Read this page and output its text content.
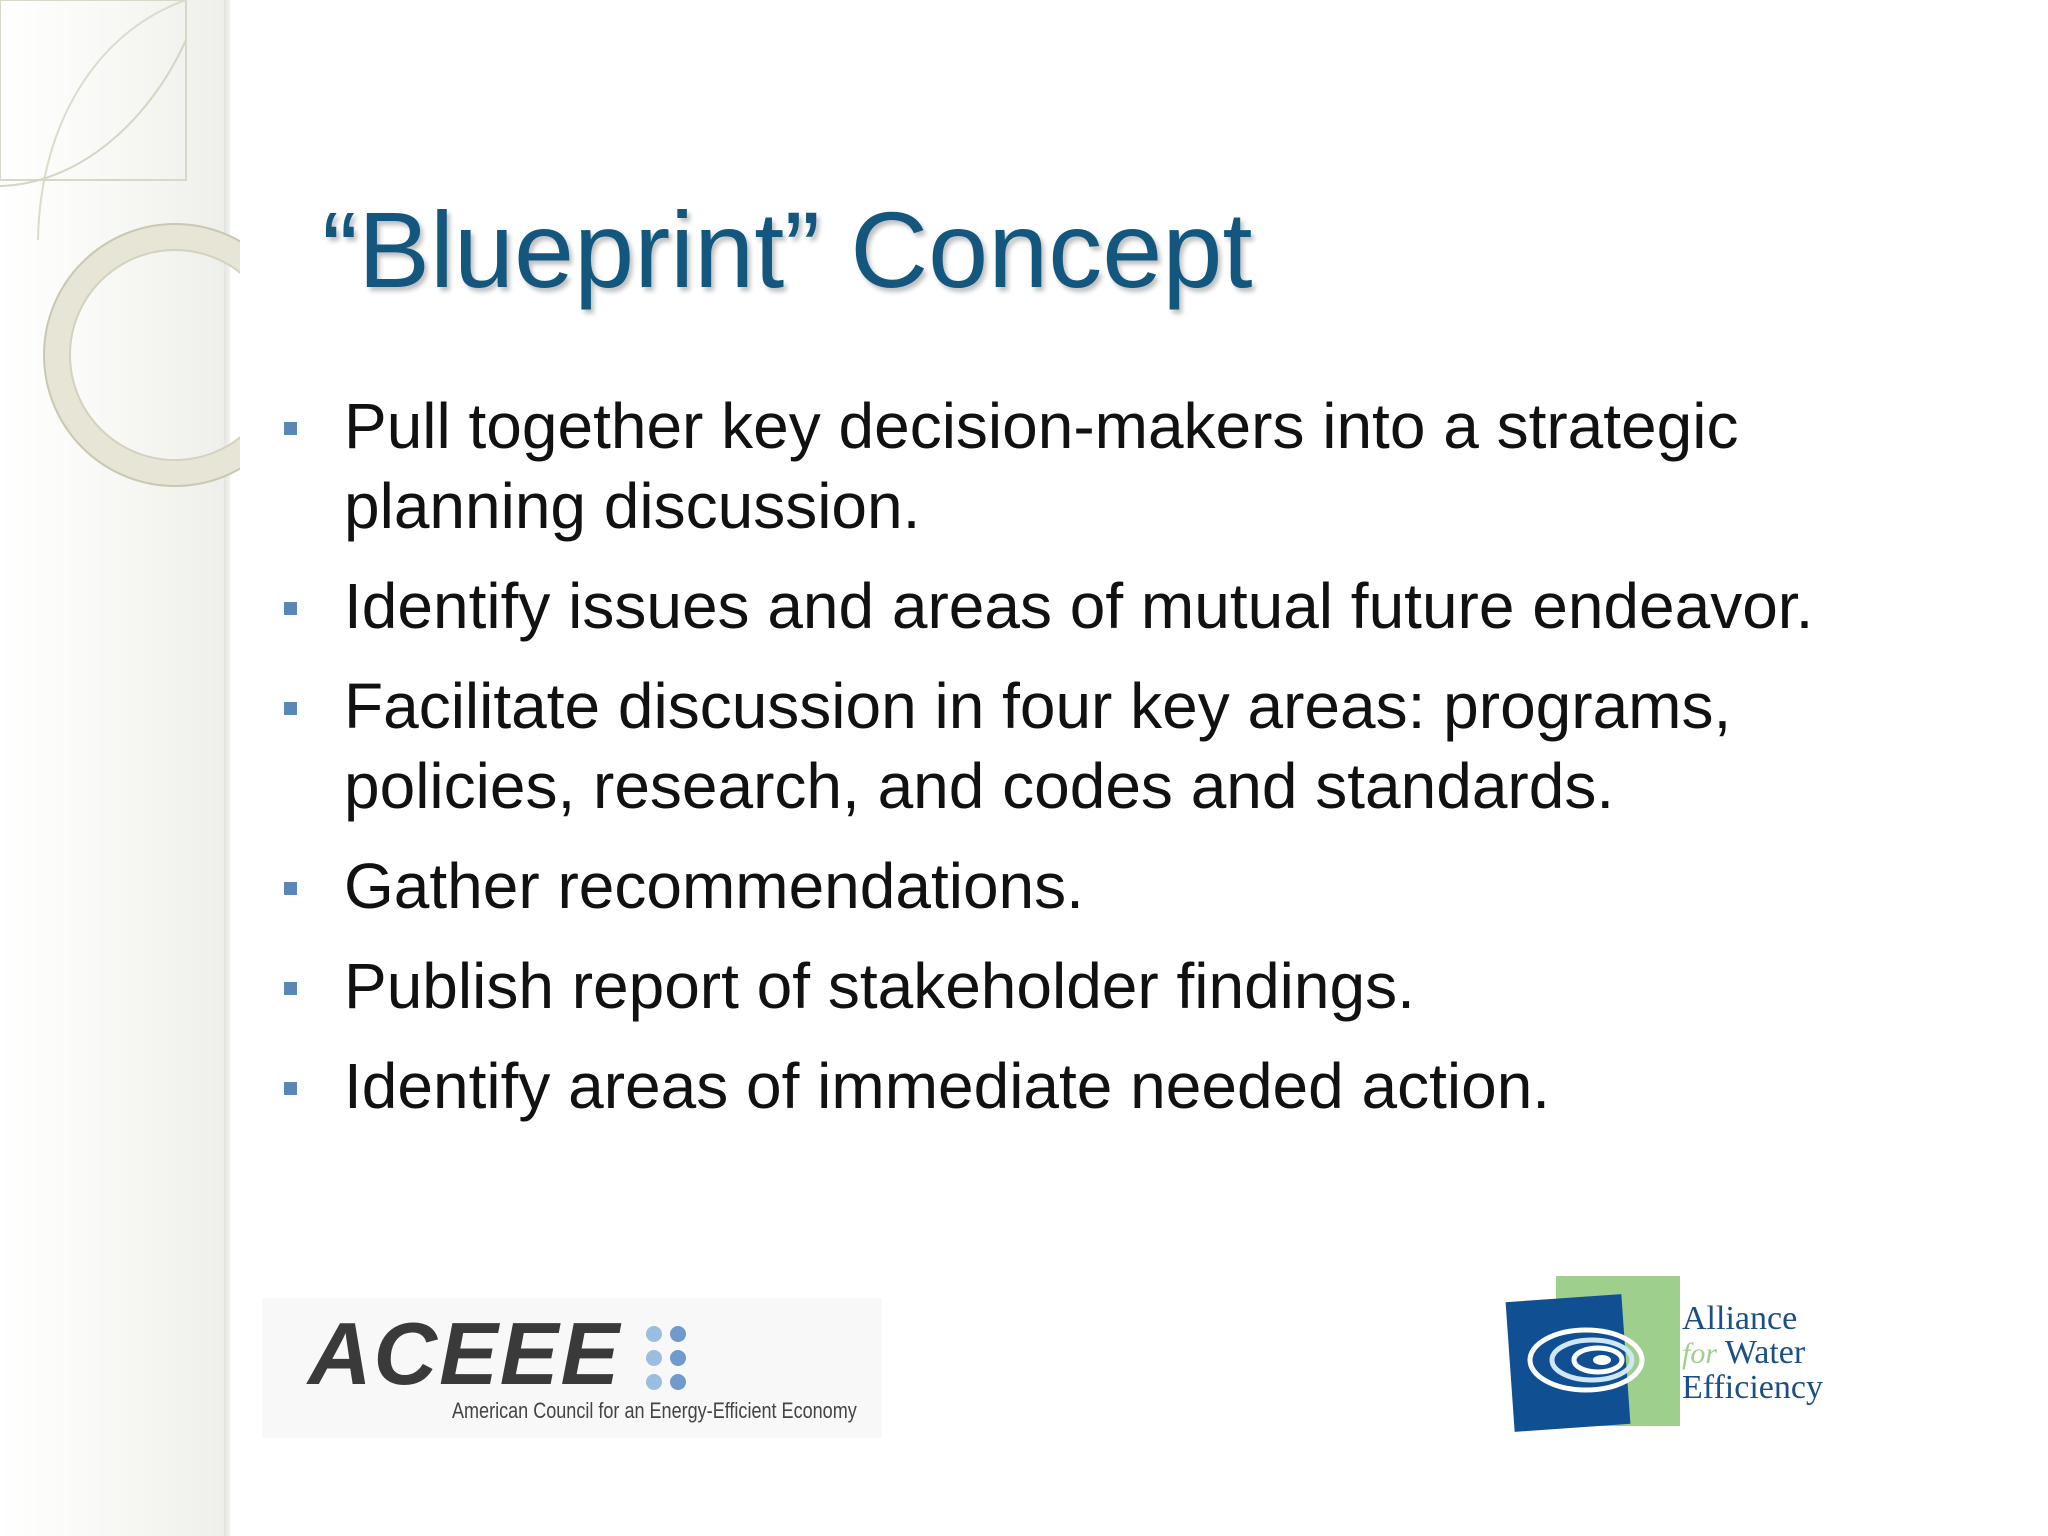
“Blueprint” Concept
Pull together key decision-makers into a strategic planning discussion.
Identify issues and areas of mutual future endeavor.
Facilitate discussion in four key areas: programs, policies, research, and codes and standards.
Gather recommendations.
Publish report of stakeholder findings.
Identify areas of immediate needed action.
ACEEE
American Council for an Energy-Efficient Economy
Alliance
for Water
Efficiency
